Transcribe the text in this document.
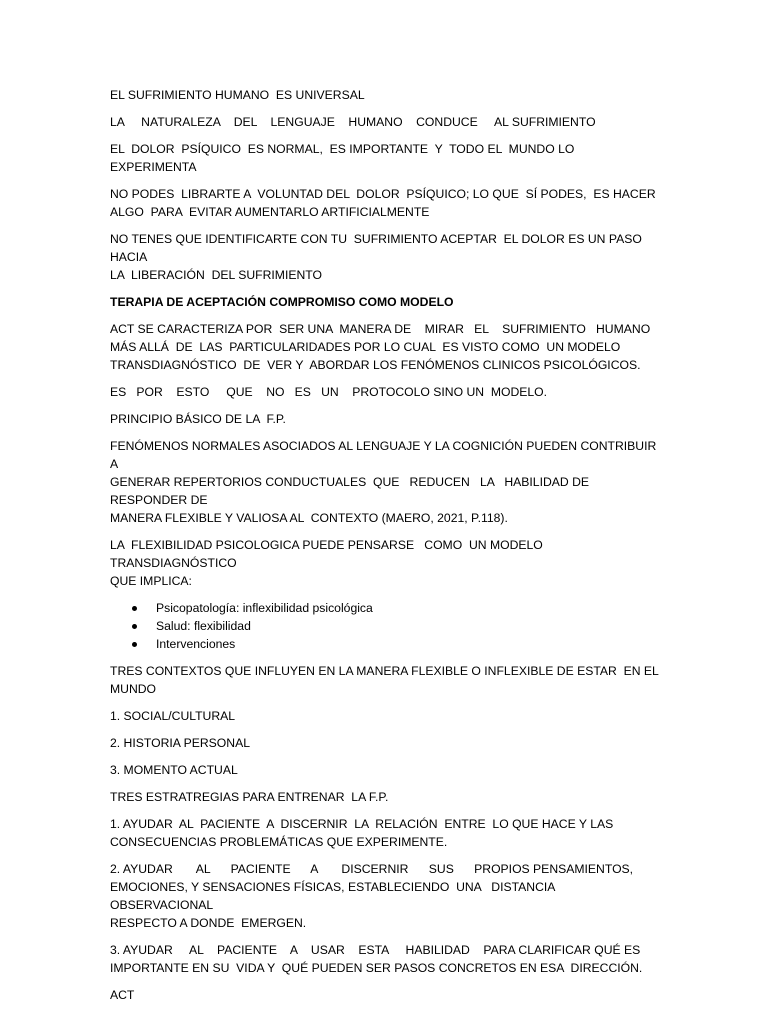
EL SUFRIMIENTO HUMANO  ES UNIVERSAL

LA     NATURALEZA    DEL    LENGUAJE    HUMANO    CONDUCE     AL SUFRIMIENTO

EL  DOLOR  PSÍQUICO  ES NORMAL,  ES IMPORTANTE  Y  TODO EL  MUNDO LO EXPERIMENTA

NO PODES  LIBRARTE A  VOLUNTAD DEL  DOLOR  PSÍQUICO; LO QUE  SÍ PODES,  ES HACER
ALGO  PARA  EVITAR AUMENTARLO ARTIFICIALMENTE

NO TENES QUE IDENTIFICARTE CON TU  SUFRIMIENTO ACEPTAR  EL DOLOR ES UN PASO  HACIA
LA  LIBERACIÓN  DEL SUFRIMIENTO

TERAPIA DE ACEPTACIÓN COMPROMISO COMO MODELO

ACT SE CARACTERIZA POR  SER UNA  MANERA DE    MIRAR   EL    SUFRIMIENTO   HUMANO
MÁS ALLÁ  DE  LAS  PARTICULARIDADES POR LO CUAL  ES VISTO COMO  UN MODELO
TRANSDIAGNÓSTICO  DE  VER Y  ABORDAR LOS FENÓMENOS CLINICOS PSICOLÓGICOS.

ES   POR    ESTO     QUE    NO   ES   UN    PROTOCOLO SINO UN  MODELO.

PRINCIPIO BÁSICO DE LA  F.P.

FENÓMENOS NORMALES ASOCIADOS AL LENGUAJE Y LA COGNICIÓN PUEDEN CONTRIBUIR A
GENERAR REPERTORIOS CONDUCTUALES  QUE   REDUCEN   LA   HABILIDAD DE RESPONDER DE
MANERA FLEXIBLE Y VALIOSA AL  CONTEXTO (MAERO, 2021, P.118).

LA  FLEXIBILIDAD PSICOLOGICA PUEDE PENSARSE   COMO  UN MODELO  TRANSDIAGNÓSTICO
QUE IMPLICA:

Psicopatología: inflexibilidad psicológica
Salud: flexibilidad
Intervenciones

TRES CONTEXTOS QUE INFLUYEN EN LA MANERA FLEXIBLE O INFLEXIBLE DE ESTAR  EN EL
MUNDO

1. SOCIAL/CULTURAL

2. HISTORIA PERSONAL

3. MOMENTO ACTUAL

TRES ESTRATREGIAS PARA ENTRENAR  LA F.P.

1. AYUDAR  AL  PACIENTE  A  DISCERNIR  LA  RELACIÓN  ENTRE  LO QUE HACE Y LAS
CONSECUENCIAS PROBLEMÁTICAS QUE EXPERIMENTE.

2. AYUDAR       AL      PACIENTE      A       DISCERNIR      SUS      PROPIOS PENSAMIENTOS,
EMOCIONES, Y SENSACIONES FÍSICAS, ESTABLECIENDO  UNA   DISTANCIA  OBSERVACIONAL
RESPECTO A DONDE  EMERGEN.

3. AYUDAR     AL    PACIENTE    A    USAR    ESTA     HABILIDAD    PARA CLARIFICAR QUÉ ES
IMPORTANTE EN SU  VIDA Y  QUÉ PUEDEN SER PASOS CONCRETOS EN ESA  DIRECCIÓN.

ACT
